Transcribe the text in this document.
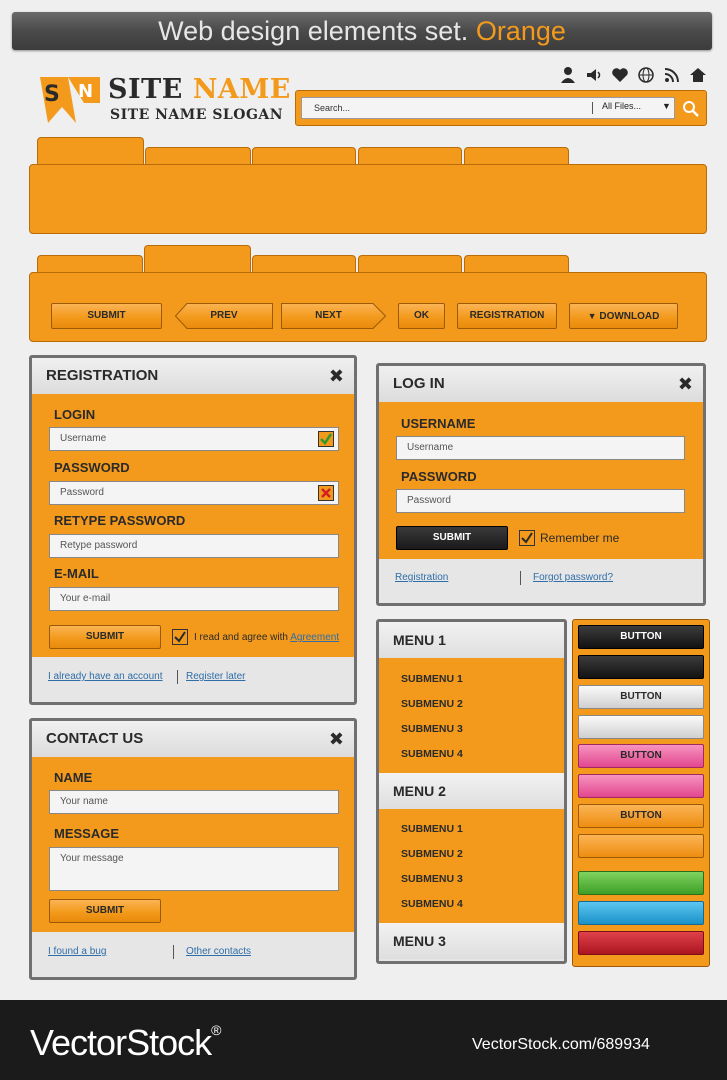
Web design elements set. Orange
S N SITE NAME
SITE NAME SLOGAN	Search...	All Files... ▼
SUBMIT	PREV	NEXT	OK	REGISTRATION	▼ DOWNLOAD
REGISTRATION	✖
LOGIN
Username
PASSWORD
Password
RETYPE PASSWORD
Retype password
E-MAIL
Your e-mail
SUBMIT	I read and agree with Agreement
I already have an account Register later
LOG IN	✖
USERNAME
Username
PASSWORD
Password
SUBMIT	Remember me
Registration	Forgot password?
CONTACT US	✖
NAME
Your name
MESSAGE
Your message
SUBMIT
I found a bug	Other contacts
MENU 1
SUBMENU 1
SUBMENU 2
SUBMENU 3
SUBMENU 4
MENU 2
SUBMENU 1
SUBMENU 2
SUBMENU 3
SUBMENU 4
MENU 3
BUTTON
BUTTON
BUTTON
BUTTON
VectorStock®
VectorStock.com/689934
